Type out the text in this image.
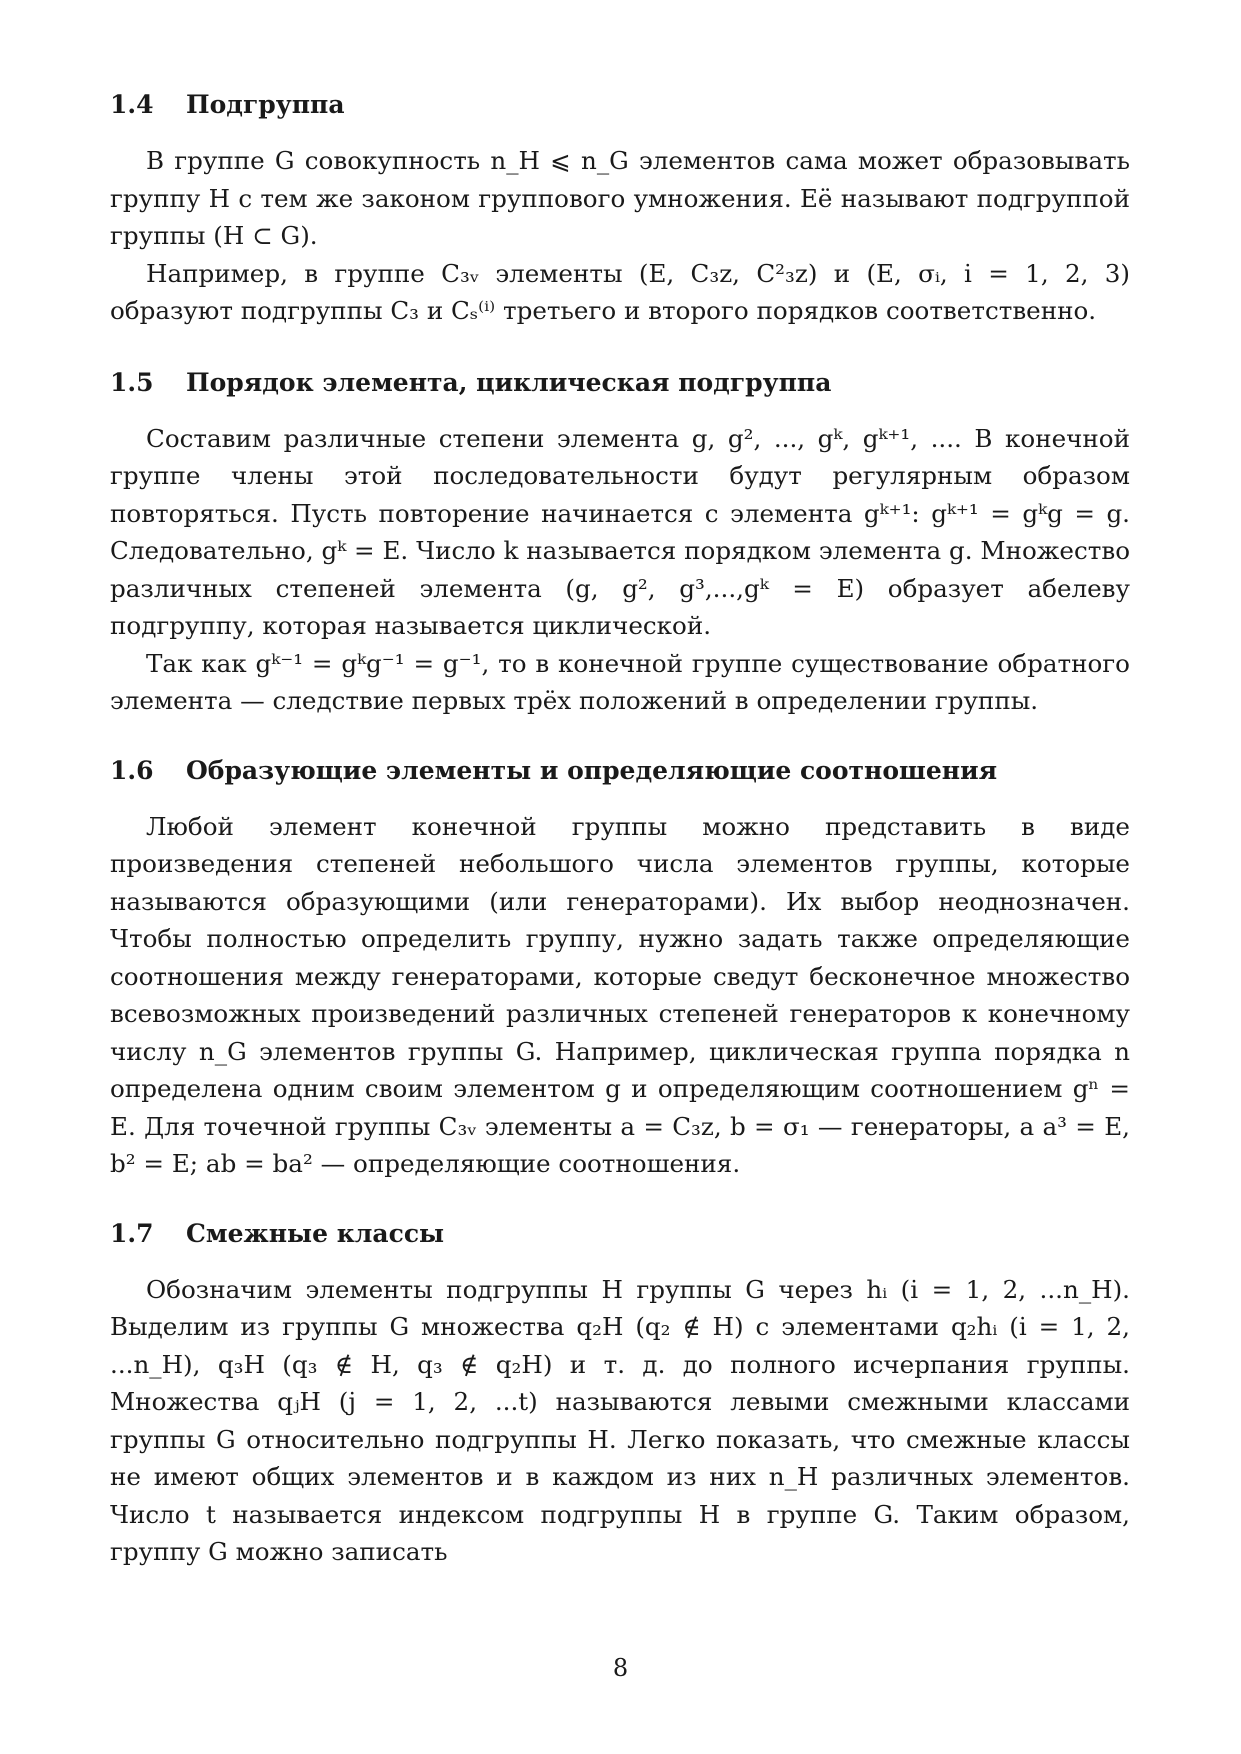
1.4	Подгруппа

В группе G совокупность n_H ⩽ n_G элементов сама может образовывать группу H с тем же законом группового умножения. Её называют подгруппой группы (H ⊂ G).

Например, в группе C₃ᵥ элементы (E, C₃z, C²₃z) и (E, σᵢ, i = 1, 2, 3) образуют подгруппы C₃ и Cₛ⁽ⁱ⁾ третьего и второго порядков соответственно.

1.5	Порядок элемента, циклическая подгруппа

Составим различные степени элемента g, g², ..., gᵏ, gᵏ⁺¹, .... В конечной группе члены этой последовательности будут регулярным образом повторяться. Пусть повторение начинается с элемента gᵏ⁺¹: gᵏ⁺¹ = gᵏg = g. Следовательно, gᵏ = E. Число k называется порядком элемента g. Множество различных степеней элемента (g, g², g³,...,gᵏ = E) образует абелеву подгруппу, которая называется циклической.

Так как gᵏ⁻¹ = gᵏg⁻¹ = g⁻¹, то в конечной группе существование обратного элемента — следствие первых трёх положений в определении группы.

1.6	Образующие элементы и определяющие соотношения

Любой элемент конечной группы можно представить в виде произведения степеней небольшого числа элементов группы, которые называются образующими (или генераторами). Их выбор неоднозначен. Чтобы полностью определить группу, нужно задать также определяющие соотношения между генераторами, которые сведут бесконечное множество всевозможных произведений различных степеней генераторов к конечному числу n_G элементов группы G. Например, циклическая группа порядка n определена одним своим элементом g и определяющим соотношением gⁿ = E. Для точечной группы C₃ᵥ элементы a = C₃z, b = σ₁ — генераторы, а a³ = E, b² = E; ab = ba² — определяющие соотношения.

1.7	Смежные классы

Обозначим элементы подгруппы H группы G через hᵢ (i = 1, 2, ...n_H). Выделим из группы G множества q₂H (q₂ ∉ H) с элементами q₂hᵢ (i = 1, 2, ...n_H), q₃H (q₃ ∉ H, q₃ ∉ q₂H) и т. д. до полного исчерпания группы. Множества qⱼH (j = 1, 2, ...t) называются левыми смежными классами группы G относительно подгруппы H. Легко показать, что смежные классы не имеют общих элементов и в каждом из них n_H различных элементов. Число t называется индексом подгруппы H в группе G. Таким образом, группу G можно записать

8
